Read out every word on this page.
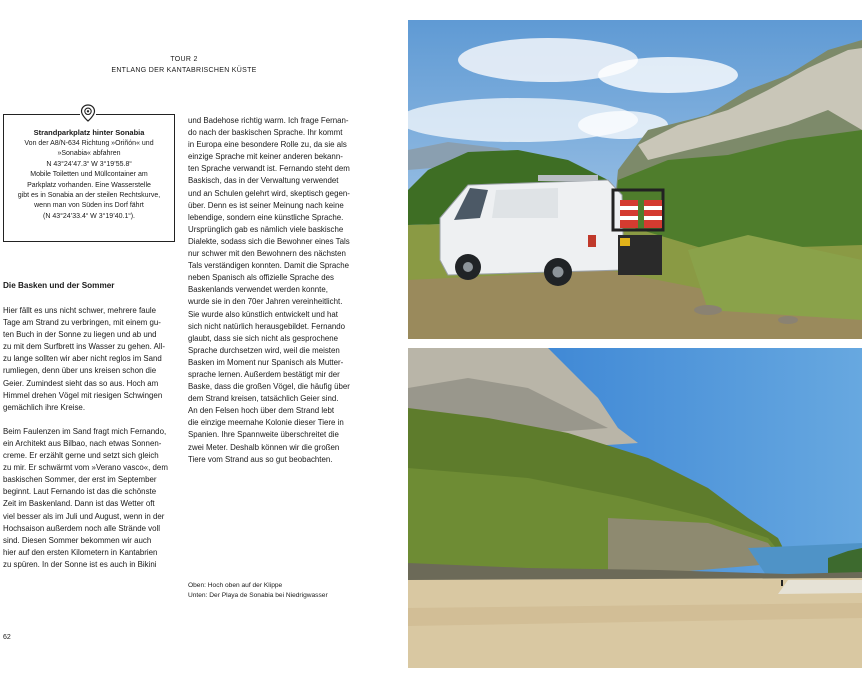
TOUR 2
ENTLANG DER KANTABRISCHEN KÜSTE
Strandparkplatz hinter Sonabia
Von der A8/N-634 Richtung »Oriñón« und
»Sonabia« abfahren
N 43°24’47.3“ W 3°19’55.8“
Mobile Toiletten und Müllcontainer am
Parkplatz vorhanden. Eine Wasserstelle
gibt es in Sonabia an der steilen Rechtskurve,
wenn man von Süden ins Dorf fährt
(N 43°24’33.4“ W 3°19’40.1“).
Die Basken und der Sommer

Hier fällt es uns nicht schwer, mehrere faule
Tage am Strand zu verbringen, mit einem gu-
ten Buch in der Sonne zu liegen und ab und
zu mit dem Surfbrett ins Wasser zu gehen. All-
zu lange sollten wir aber nicht reglos im Sand
rumliegen, denn über uns kreisen schon die
Geier. Zumindest sieht das so aus. Hoch am
Himmel drehen Vögel mit riesigen Schwingen
gemächlich ihre Kreise.

Beim Faulenzen im Sand fragt mich Fernando,
ein Architekt aus Bilbao, nach etwas Sonnen-
creme. Er erzählt gerne und setzt sich gleich
zu mir. Er schwärmt vom »Verano vasco«, dem
baskischen Sommer, der erst im September
beginnt. Laut Fernando ist das die schönste
Zeit im Baskenland. Dann ist das Wetter oft
viel besser als im Juli und August, wenn in der
Hochsaison außerdem noch alle Strände voll
sind. Diesen Sommer bekommen wir auch
hier auf den ersten Kilometern in Kantabrien
zu spüren. In der Sonne ist es auch in Bikini

und Badehose richtig warm. Ich frage Fernan-
do nach der baskischen Sprache. Ihr kommt
in Europa eine besondere Rolle zu, da sie als
einzige Sprache mit keiner anderen bekann-
ten Sprache verwandt ist. Fernando steht dem
Baskisch, das in der Verwaltung verwendet
und an Schulen gelehrt wird, skeptisch gegen-
über. Denn es ist seiner Meinung nach keine
lebendige, sondern eine künstliche Sprache.
Ursprünglich gab es nämlich viele baskische
Dialekte, sodass sich die Bewohner eines Tals
nur schwer mit den Bewohnern des nächsten
Tals verständigen konnten. Damit die Sprache
neben Spanisch als offizielle Sprache des
Baskenlands verwendet werden konnte,
wurde sie in den 70er Jahren vereinheitlicht.
Sie wurde also künstlich entwickelt und hat
sich nicht natürlich herausgebildet. Fernando
glaubt, dass sie sich nicht als gesprochene
Sprache durchsetzen wird, weil die meisten
Basken im Moment nur Spanisch als Mutter-
sprache lernen. Außerdem bestätigt mir der
Baske, dass die großen Vögel, die häufig über
dem Strand kreisen, tatsächlich Geier sind.
An den Felsen hoch über dem Strand lebt
die einzige meernahe Kolonie dieser Tiere in
Spanien. Ihre Spannweite überschreitet die
zwei Meter. Deshalb können wir die großen
Tiere vom Strand aus so gut beobachten.

Oben: Hoch oben auf der Klippe
Unten: Der Playa de Sonabia bei Niedrigwasser
62
